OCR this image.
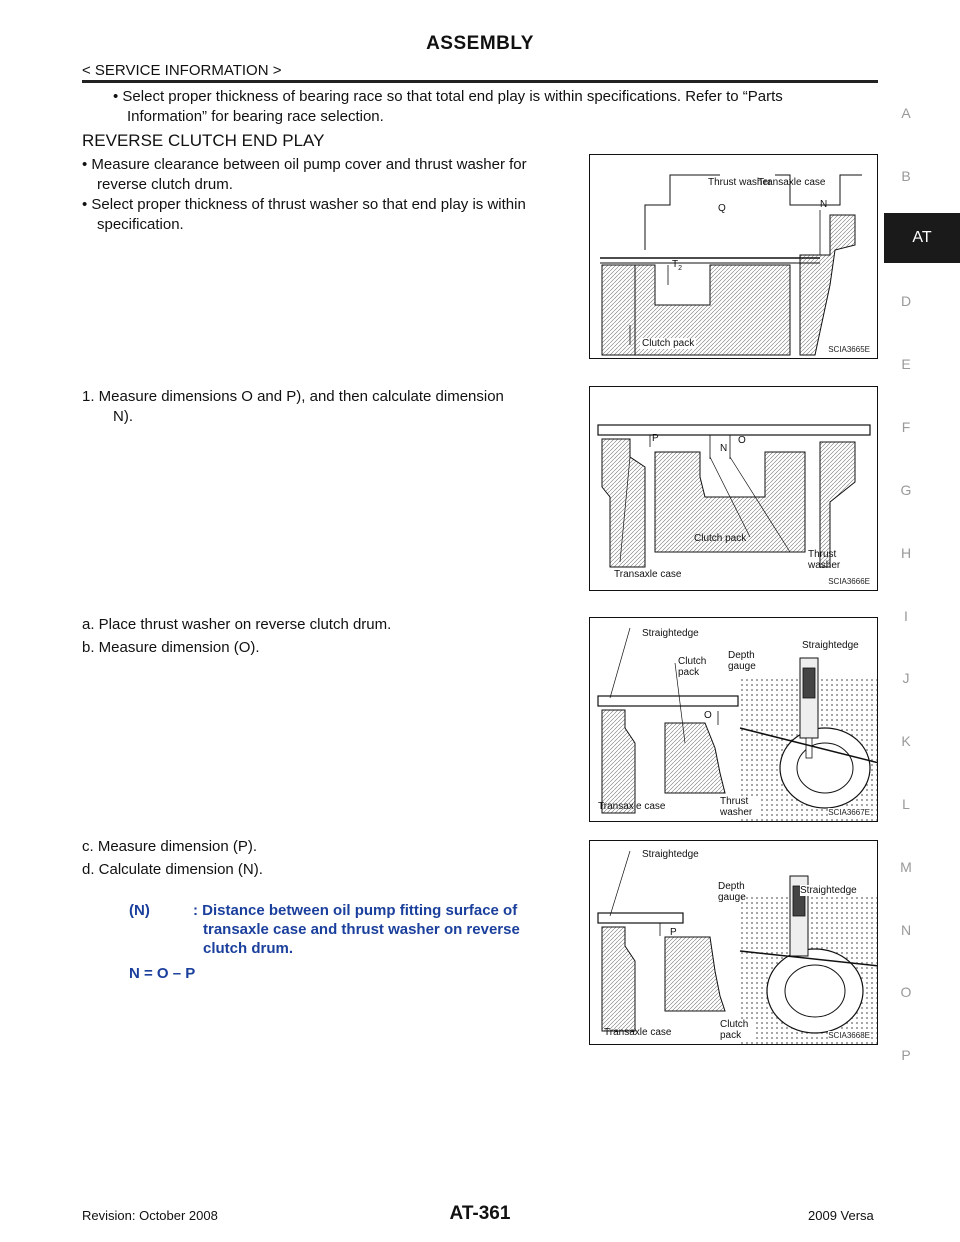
ASSEMBLY
< SERVICE INFORMATION >
A
B
AT
D
E
F
G
H
I
J
K
L
M
N
O
P
• Select proper thickness of bearing race so that total end play is within specifications. Refer to “Parts
Information” for bearing race selection.
REVERSE CLUTCH END PLAY
• Measure clearance between oil pump cover and thrust washer for
reverse clutch drum.
• Select proper thickness of thrust washer so that end play is within
specification.
1. Measure dimensions O and P), and then calculate dimension
N).
a. Place thrust washer on reverse clutch drum.
b. Measure dimension (O).
c. Measure dimension (P).
d. Calculate dimension (N).
(N)	: Distance between oil pump fitting surface of
transaxle case and thrust washer on reverse
clutch drum.
N = O – P
Thrust washer
Q
Transaxle case
N
$T_2$
Clutch pack
SCIA3665E
P
N
O
Clutch pack
Thrust washer
Transaxle case
SCIA3666E
Straightedge
Clutch pack
Depth gauge
Straightedge
O
Transaxle case	Thrust washer	SCIA3667E
Straightedge
Depth gauge
Straightedge
P
Transaxle case
Clutch pack	SCIA3668E
Revision: October 2008	AT-361	2009 Versa
